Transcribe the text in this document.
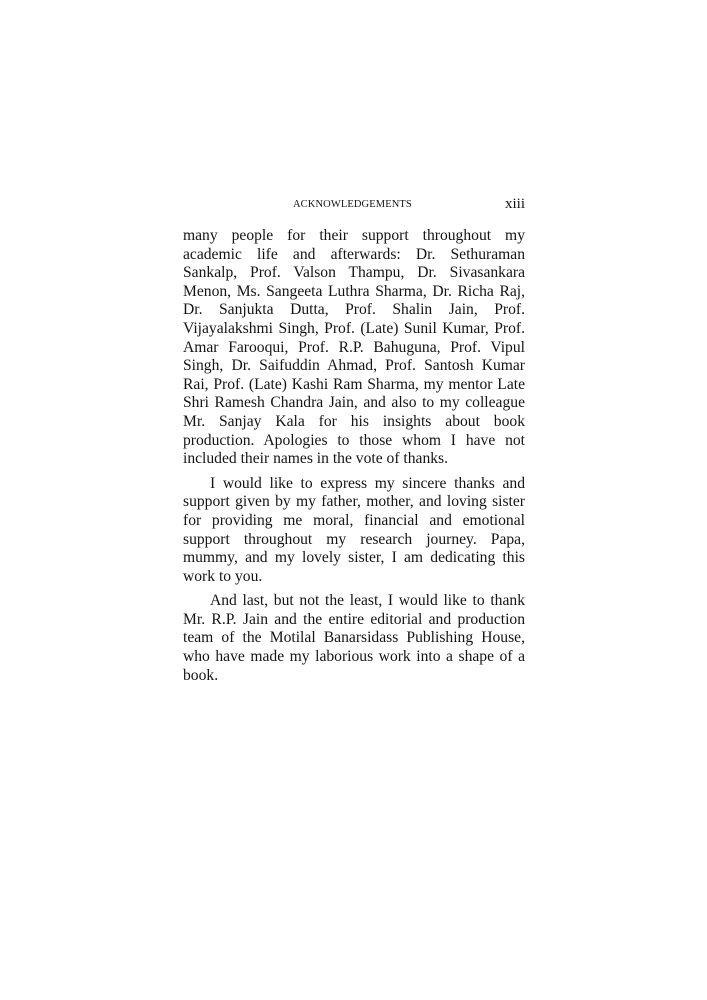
ACKNOWLEDGEMENTS	xiii

many people for their support throughout my academic life and afterwards: Dr. Sethuraman Sankalp, Prof. Valson Thampu, Dr. Sivasankara Menon, Ms. Sangeeta Luthra Sharma, Dr. Richa Raj, Dr. Sanjukta Dutta, Prof. Shalin Jain, Prof. Vijayalakshmi Singh, Prof. (Late) Sunil Kumar, Prof. Amar Farooqui, Prof. R.P. Bahuguna, Prof. Vipul Singh, Dr. Saifuddin Ahmad, Prof. Santosh Kumar Rai, Prof. (Late) Kashi Ram Sharma, my mentor Late Shri Ramesh Chandra Jain, and also to my colleague Mr. Sanjay Kala for his insights about book production. Apologies to those whom I have not included their names in the vote of thanks.

I would like to express my sincere thanks and support given by my father, mother, and loving sister for providing me moral, financial and emotional support throughout my research journey. Papa, mummy, and my lovely sister, I am dedicating this work to you.

And last, but not the least, I would like to thank Mr. R.P. Jain and the entire editorial and production team of the Motilal Banarsidass Publishing House, who have made my laborious work into a shape of a book.
